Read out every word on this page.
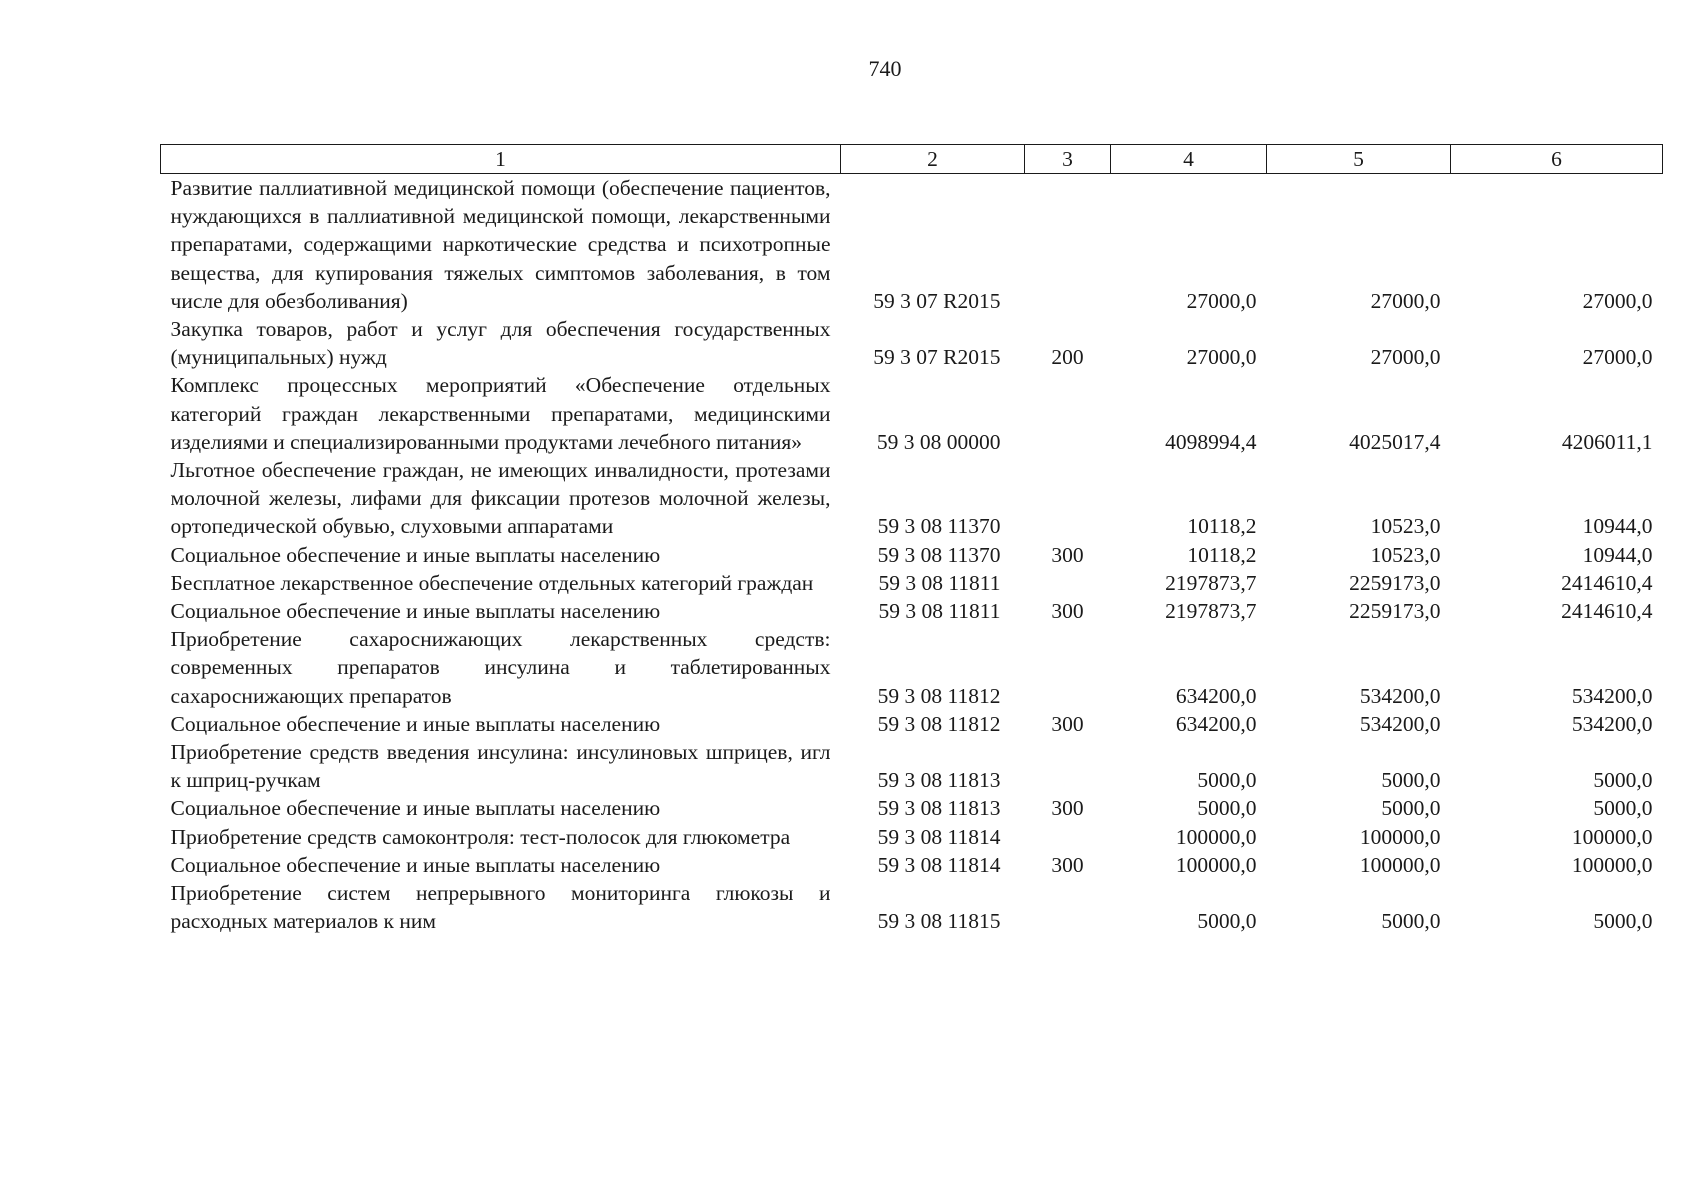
740
1	2	3	4	5	6
Развитие паллиативной медицинской помощи (обеспечение пациентов, нуждающихся в паллиативной медицинской помощи, лекарственными препаратами, содержащими наркотические средства и психотропные вещества, для купирования тяжелых симптомов заболевания, в том числе для обезболивания)	59 3 07 R2015		27000,0	27000,0	27000,0
Закупка товаров, работ и услуг для обеспечения государственных (муниципальных) нужд	59 3 07 R2015	200	27000,0	27000,0	27000,0
Комплекс процессных мероприятий «Обеспечение отдельных категорий граждан лекарственными препаратами, медицинскими изделиями и специализированными продуктами лечебного питания»	59 3 08 00000		4098994,4	4025017,4	4206011,1
Льготное обеспечение граждан, не имеющих инвалидности, протезами молочной железы, лифами для фиксации протезов молочной железы, ортопедической обувью, слуховыми аппаратами	59 3 08 11370		10118,2	10523,0	10944,0
Социальное обеспечение и иные выплаты населению	59 3 08 11370	300	10118,2	10523,0	10944,0
Бесплатное лекарственное обеспечение отдельных категорий граждан	59 3 08 11811		2197873,7	2259173,0	2414610,4
Социальное обеспечение и иные выплаты населению	59 3 08 11811	300	2197873,7	2259173,0	2414610,4
Приобретение сахароснижающих лекарственных средств: современных препаратов инсулина и таблетированных сахароснижающих препаратов	59 3 08 11812		634200,0	534200,0	534200,0
Социальное обеспечение и иные выплаты населению	59 3 08 11812	300	634200,0	534200,0	534200,0
Приобретение средств введения инсулина: инсулиновых шприцев, игл к шприц-ручкам	59 3 08 11813		5000,0	5000,0	5000,0
Социальное обеспечение и иные выплаты населению	59 3 08 11813	300	5000,0	5000,0	5000,0
Приобретение средств самоконтроля: тест-полосок для глюкометра	59 3 08 11814		100000,0	100000,0	100000,0
Социальное обеспечение и иные выплаты населению	59 3 08 11814	300	100000,0	100000,0	100000,0
Приобретение систем непрерывного мониторинга глюкозы и расходных материалов к ним	59 3 08 11815		5000,0	5000,0	5000,0
